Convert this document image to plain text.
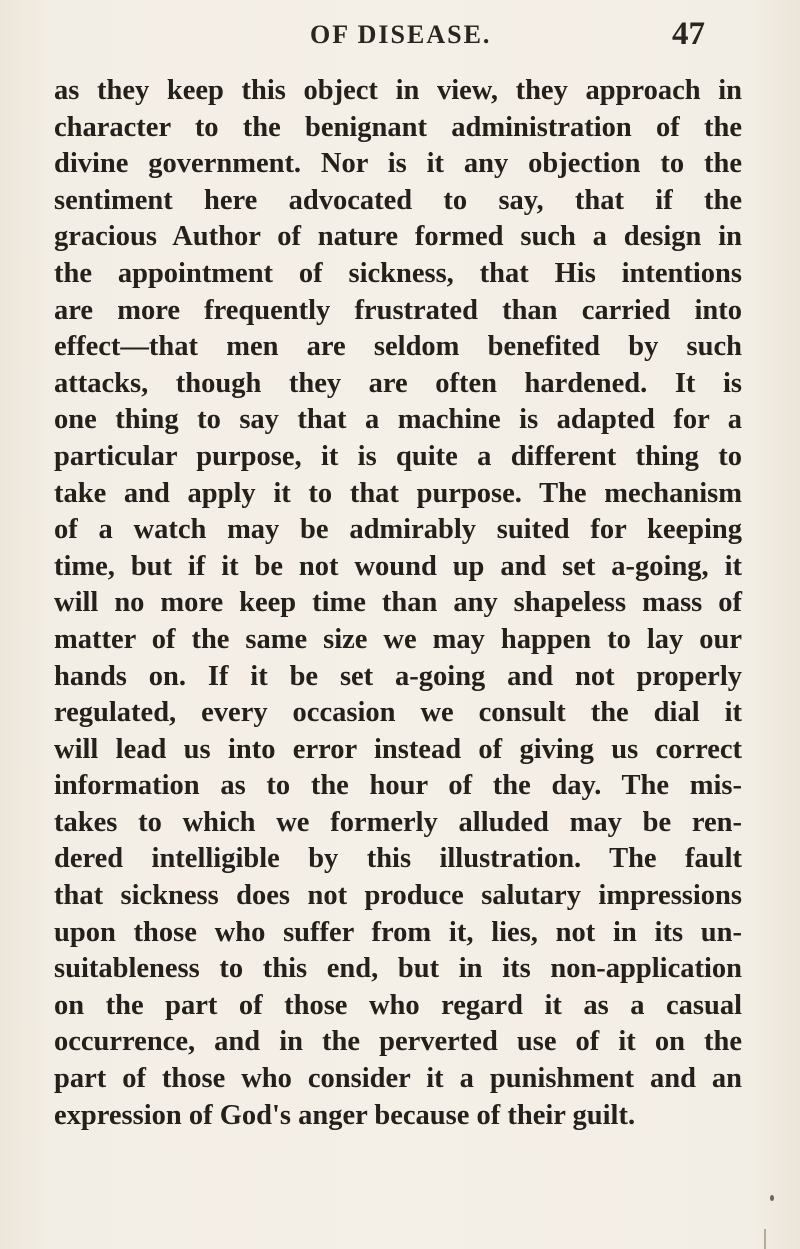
OF DISEASE.	47
as they keep this object in view, they approach in
character to the benignant administration of the
divine government. Nor is it any objection to the
sentiment here advocated to say, that if the
gracious Author of nature formed such a design in
the appointment of sickness, that His intentions
are more frequently frustrated than carried into
effect—that men are seldom benefited by such
attacks, though they are often hardened. It is
one thing to say that a machine is adapted for a
particular purpose, it is quite a different thing to
take and apply it to that purpose. The mechanism
of a watch may be admirably suited for keeping
time, but if it be not wound up and set a-going, it
will no more keep time than any shapeless mass of
matter of the same size we may happen to lay our
hands on. If it be set a-going and not properly
regulated, every occasion we consult the dial it
will lead us into error instead of giving us correct
information as to the hour of the day. The mis-
takes to which we formerly alluded may be ren-
dered intelligible by this illustration. The fault
that sickness does not produce salutary impressions
upon those who suffer from it, lies, not in its un-
suitableness to this end, but in its non-application
on the part of those who regard it as a casual
occurrence, and in the perverted use of it on the
part of those who consider it a punishment and an
expression of God's anger because of their guilt.
